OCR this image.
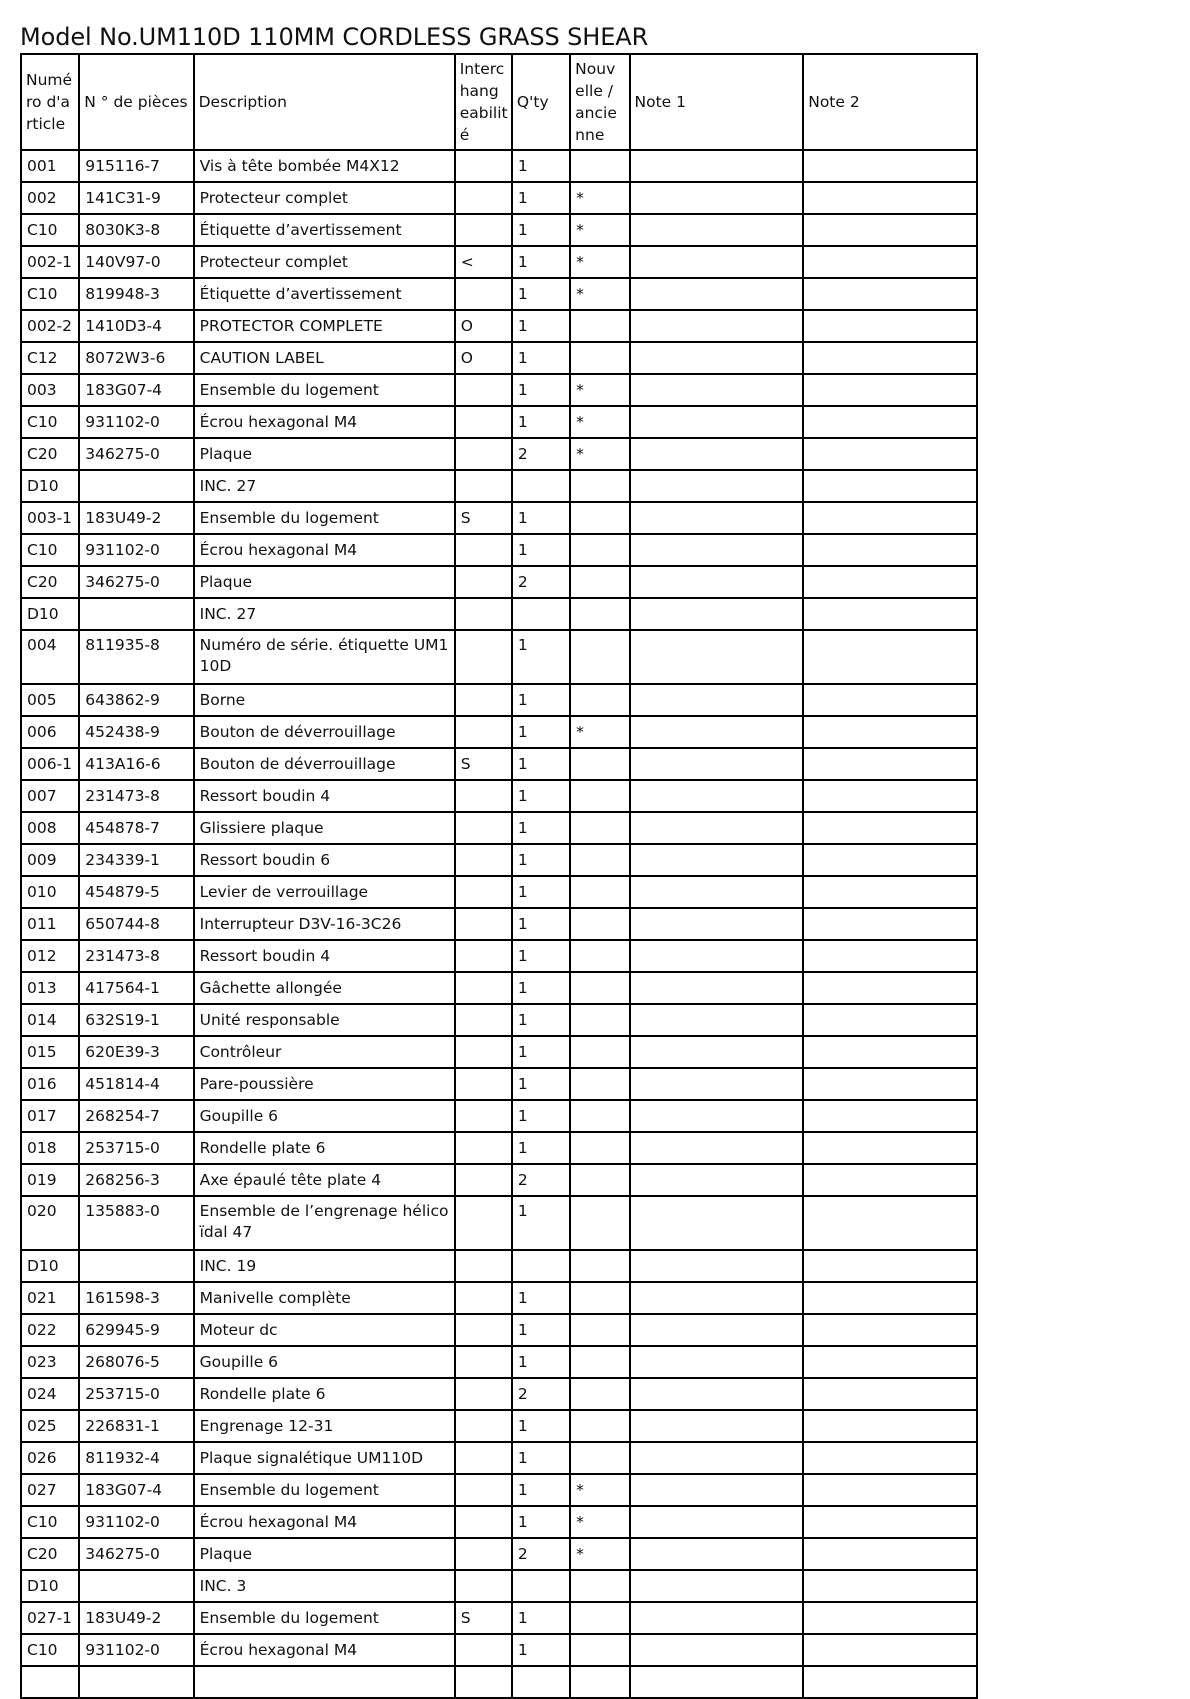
Model No.UM110D 110MM CORDLESS GRASS SHEAR
Numé ro d'a rticle	N ° de pièces	Description	Interc hang eabilit é	Q'ty	Nouv elle / ancie nne	Note 1	Note 2
001	915116-7	Vis à tête bombée M4X12		1			
002	141C31-9	Protecteur complet		1	*		
C10	8030K3-8	Étiquette d’avertissement		1	*		
002-1	140V97-0	Protecteur complet	<	1	*		
C10	819948-3	Étiquette d’avertissement		1	*		
002-2	1410D3-4	PROTECTOR COMPLETE	O	1			
C12	8072W3-6	CAUTION LABEL	O	1			
003	183G07-4	Ensemble du logement		1	*		
C10	931102-0	Écrou hexagonal M4		1	*		
C20	346275-0	Plaque		2	*		
D10		INC. 27					
003-1	183U49-2	Ensemble du logement	S	1			
C10	931102-0	Écrou hexagonal M4		1			
C20	346275-0	Plaque		2			
D10		INC. 27					
004	811935-8	Numéro de série. étiquette UM110D		1			
005	643862-9	Borne		1			
006	452438-9	Bouton de déverrouillage		1	*		
006-1	413A16-6	Bouton de déverrouillage	S	1			
007	231473-8	Ressort boudin 4		1			
008	454878-7	Glissiere plaque		1			
009	234339-1	Ressort boudin 6		1			
010	454879-5	Levier de verrouillage		1			
011	650744-8	Interrupteur D3V-16-3C26		1			
012	231473-8	Ressort boudin 4		1			
013	417564-1	Gâchette allongée		1			
014	632S19-1	Unité responsable		1			
015	620E39-3	Contrôleur		1			
016	451814-4	Pare-poussière		1			
017	268254-7	Goupille 6		1			
018	253715-0	Rondelle plate 6		1			
019	268256-3	Axe épaulé tête plate 4		2			
020	135883-0	Ensemble de l’engrenage hélicoïdal 47		1			
D10		INC. 19					
021	161598-3	Manivelle complète		1			
022	629945-9	Moteur dc		1			
023	268076-5	Goupille 6		1			
024	253715-0	Rondelle plate 6		2			
025	226831-1	Engrenage 12-31		1			
026	811932-4	Plaque signalétique UM110D		1			
027	183G07-4	Ensemble du logement		1	*		
C10	931102-0	Écrou hexagonal M4		1	*		
C20	346275-0	Plaque		2	*		
D10		INC. 3					
027-1	183U49-2	Ensemble du logement	S	1			
C10	931102-0	Écrou hexagonal M4		1			
